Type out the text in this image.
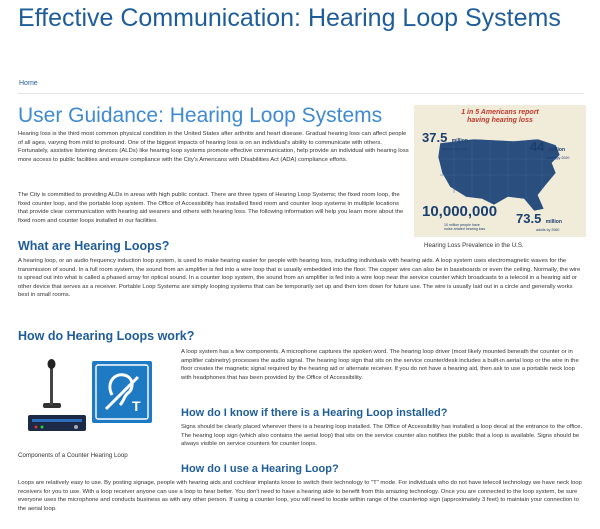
Effective Communication: Hearing Loop Systems
Home
User Guidance: Hearing Loop Systems

Hearing loss is the third most common physical condition in the United States after arthritis and heart disease. Gradual hearing loss can affect people of all ages, varying from mild to profound. One of the biggest impacts of hearing loss is on an individual's ability to communicate with others. Fortunately, assistive listening devices (ALDs) like hearing loop systems promote effective communication, help provide an individual with hearing loss more access to public facilities and ensure compliance with the City's Americans with Disabilities Act (ADA) compliance efforts.

The City is committed to providing ALDs in areas with high public contact. There are three types of Hearing Loop Systems; the fixed room loop, the fixed counter loop, and the portable loop system. The Office of Accessibility has installed fixed room and counter loop systems in multiple locations that provide clear communication with hearing aid wearers and others with hearing loss. The following information will help you learn more about the fixed room and counter loops installed in our facilities.

1 in 5 Americans report
having hearing loss
37.5 million
adults right now	44 million
adults by 2020
10,000,000
10 million people have
noise-related hearing loss
73.5 million
adults by 2060
Hearing Loss Prevalence in the U.S.
What are Hearing Loops?

A hearing loop, or an audio frequency induction loop system, is used to make hearing easier for people with hearing loss, including individuals with hearing aids. A loop system uses electromagnetic waves for the transmission of sound. In a full room system, the sound from an amplifier is fed into a wire loop that is usually embedded into the floor. The copper wire can also be in baseboards or even the ceiling. Normally, the wire is spread out into what is called a phased array for optical sound. In a counter loop system, the sound from an amplifier is fed into a wire loop near the service counter which broadcasts to a telecoil in a hearing aid or other device that serves as a receiver. Portable Loop Systems are simply looping systems that can be temporarily set up and then torn down for future use. The wire is usually laid out in a circle and generally works best in small rooms.

How do Hearing Loops work?
T
Components of a Counter Hearing Loop

A loop system has a few components. A microphone captures the spoken word. The hearing loop driver (most likely mounted beneath the counter or in amplifier cabinetry) processes the audio signal. The hearing loop sign that sits on the service counter/desk includes a built-in aerial loop or the wire in the floor creates the magnetic signal required by the hearing aid or alternate receiver. If you do not have a hearing aid, then ask to use a portable neck loop with headphones that has been provided by the Office of Accessibility.

How do I know if there is a Hearing Loop installed?

Signs should be clearly placed wherever there is a hearing loop installed. The Office of Accessibility has installed a loop decal at the entrance to the office. The hearing loop sign (which also contains the aerial loop) that sits on the service counter also notifies the public that a loop is available. Signs should be always visible on service counters for counter loops.

How do I use a Hearing Loop?

Loops are relatively easy to use. By posting signage, people with hearing aids and cochlear implants know to switch their technology to "T" mode. For individuals who do not have telecoil technology we have neck loop receivers for you to use. With a loop receiver anyone can use a loop to hear better. You don't need to have a hearing aide to benefit from this amazing technology. Once you are connected to the loop system, be sure everyone uses the microphone and conducts business as with any other person. If using a counter loop, you will need to locate within range of the countertop sign (approximately 3 feet) to maintain your connection to the aerial loop.
